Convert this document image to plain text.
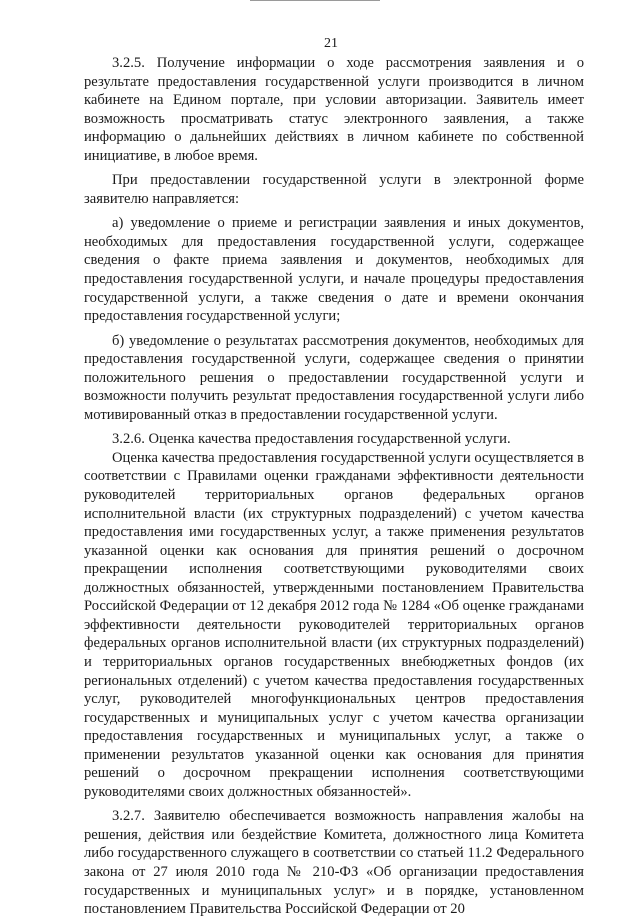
21

3.2.5. Получение информации о ходе рассмотрения заявления и о результате предоставления государственной услуги производится в личном кабинете на Едином портале, при условии авторизации. Заявитель имеет возможность просматривать статус электронного заявления, а также информацию о дальнейших действиях в личном кабинете по собственной инициативе, в любое время.

При предоставлении государственной услуги в электронной форме заявителю направляется:

а) уведомление о приеме и регистрации заявления и иных документов, необходимых для предоставления государственной услуги, содержащее сведения о факте приема заявления и документов, необходимых для предоставления государственной услуги, и начале процедуры предоставления государственной услуги, а также сведения о дате и времени окончания предоставления государственной услуги;

б) уведомление о результатах рассмотрения документов, необходимых для предоставления государственной услуги, содержащее сведения о принятии положительного решения о предоставлении государственной услуги и возможности получить результат предоставления государственной услуги либо мотивированный отказ в предоставлении государственной услуги.

3.2.6. Оценка качества предоставления государственной услуги.

Оценка качества предоставления государственной услуги осуществляется в соответствии с Правилами оценки гражданами эффективности деятельности руководителей территориальных органов федеральных органов исполнительной власти (их структурных подразделений) с учетом качества предоставления ими государственных услуг, а также применения результатов указанной оценки как основания для принятия решений о досрочном прекращении исполнения соответствующими руководителями своих должностных обязанностей, утвержденными постановлением Правительства Российской Федерации от 12 декабря 2012 года № 1284 «Об оценке гражданами эффективности деятельности руководителей территориальных органов федеральных органов исполнительной власти (их структурных подразделений) и территориальных органов государственных внебюджетных фондов (их региональных отделений) с учетом качества предоставления государственных услуг, руководителей многофункциональных центров предоставления государственных и муниципальных услуг с учетом качества организации предоставления государственных и муниципальных услуг, а также о применении результатов указанной оценки как основания для принятия решений о досрочном прекращении исполнения соответствующими руководителями своих должностных обязанностей».

3.2.7. Заявителю обеспечивается возможность направления жалобы на решения, действия или бездействие Комитета, должностного лица Комитета либо государственного служащего в соответствии со статьей 11.2 Федерального закона от 27 июля 2010 года № 210-ФЗ «Об организации предоставления государственных и муниципальных услуг» и в порядке, установленном постановлением Правительства Российской Федерации от 20
